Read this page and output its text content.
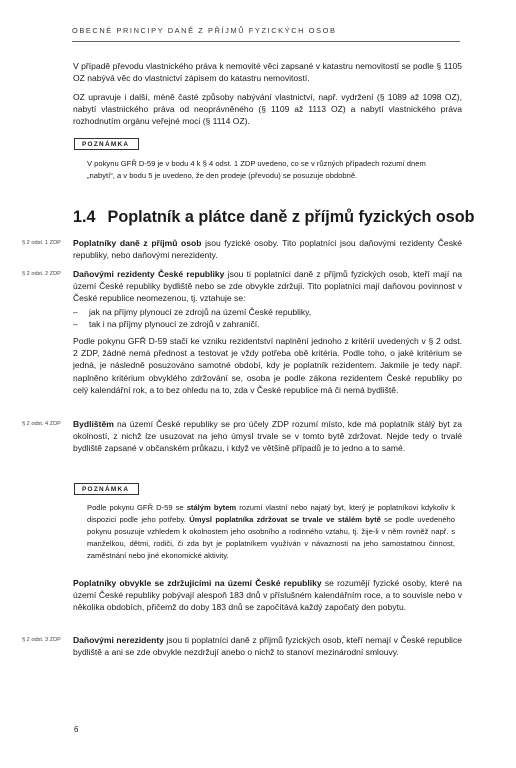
OBECNÉ PRINCIPY DANĚ Z PŘÍJMŮ FYZICKÝCH OSOB
V případě převodu vlastnického práva k nemovité věci zapsané v katastru nemovitostí se podle § 1105 OZ nabývá věc do vlastnictví zápisem do katastru nemovitostí.
OZ upravuje i další, méně časté způsoby nabývání vlastnictví, např. vydržení (§ 1089 až 1098 OZ), nabytí vlastnického práva od neoprávněného (§ 1109 až 1113 OZ) a nabytí vlastnického práva rozhodnutím orgánu veřejné moci (§ 1114 OZ).
POZNÁMKA
V pokynu GFŘ D-59 je v bodu 4 k § 4 odst. 1 ZDP uvedeno, co se v různých případech rozumí dnem „nabytí“, a v bodu 5 je uvedeno, že den prodeje (převodu) se posuzuje obdobně.
1.4 Poplatník a plátce daně z příjmů fyzických osob
§ 2 odst. 1 ZDP Poplatníky daně z příjmů osob jsou fyzické osoby. Tito poplatníci jsou daňovými rezidenty České republiky, nebo daňovými nerezidenty.
§ 2 odst. 2 ZDP Daňovými rezidenty České republiky jsou ti poplatníci daně z příjmů fyzických osob, kteří mají na území České republiky bydliště nebo se zde obvykle zdržují. Tito poplatníci mají daňovou povinnost v České republice neomezenou, tj. vztahuje se:
– jak na příjmy plynoucí ze zdrojů na území České republiky,
– tak i na příjmy plynoucí ze zdrojů v zahraničí.
Podle pokynu GFŘ D-59 stačí ke vzniku rezidentství naplnění jednoho z kritérií uvedených v § 2 odst. 2 ZDP, žádné nemá přednost a testovat je vždy potřeba obě kritéria. Podle toho, o jaké kritérium se jedná, je následně posuzováno samotné období, kdy je poplatník rezidentem. Jakmile je tedy např. naplněno kritérium obvyklého zdržování se, osoba je podle zákona rezidentem České republiky po celý kalendářní rok, a to bez ohledu na to, zda v České republice má či nemá bydliště.
§ 2 odst. 4 ZDP Bydlištěm na území České republiky se pro účely ZDP rozumí místo, kde má poplatník stálý byt za okolností, z nichž lze usuzovat na jeho úmysl trvale se v tomto bytě zdržovat. Nejde tedy o trvalé bydliště zapsané v občanském průkazu, i když ve většině případů je to jedno a to samé.
POZNÁMKA
Podle pokynu GFŘ D-59 se stálým bytem rozumí vlastní nebo najatý byt, který je poplatníkovi kdykoliv k dispozici podle jeho potřeby. Úmysl poplatníka zdržovat se trvale ve stálém bytě se podle uvedeného pokynu posuzuje vzhledem k okolnostem jeho osobního a rodinného vztahu, tj. žije-li v něm rovněž např. s manželkou, dětmi, rodiči, či zda byt je poplatníkem využíván v návaznosti na jeho samostatnou činnost, zaměstnání nebo jiné ekonomické aktivity.
Poplatníky obvykle se zdržujícími na území České republiky se rozumějí fyzické osoby, které na území České republiky pobývají alespoň 183 dnů v příslušném kalendářním roce, a to souvisle nebo v několika obdobích, přičemž do doby 183 dnů se započítává každý započatý den pobytu.
§ 2 odst. 3 ZDP Daňovými nerezidenty jsou ti poplatníci daně z příjmů fyzických osob, kteří nemají v České republice bydliště a ani se zde obvykle nezdržují anebo o nichž to stanoví mezinárodní smlouvy.
6
